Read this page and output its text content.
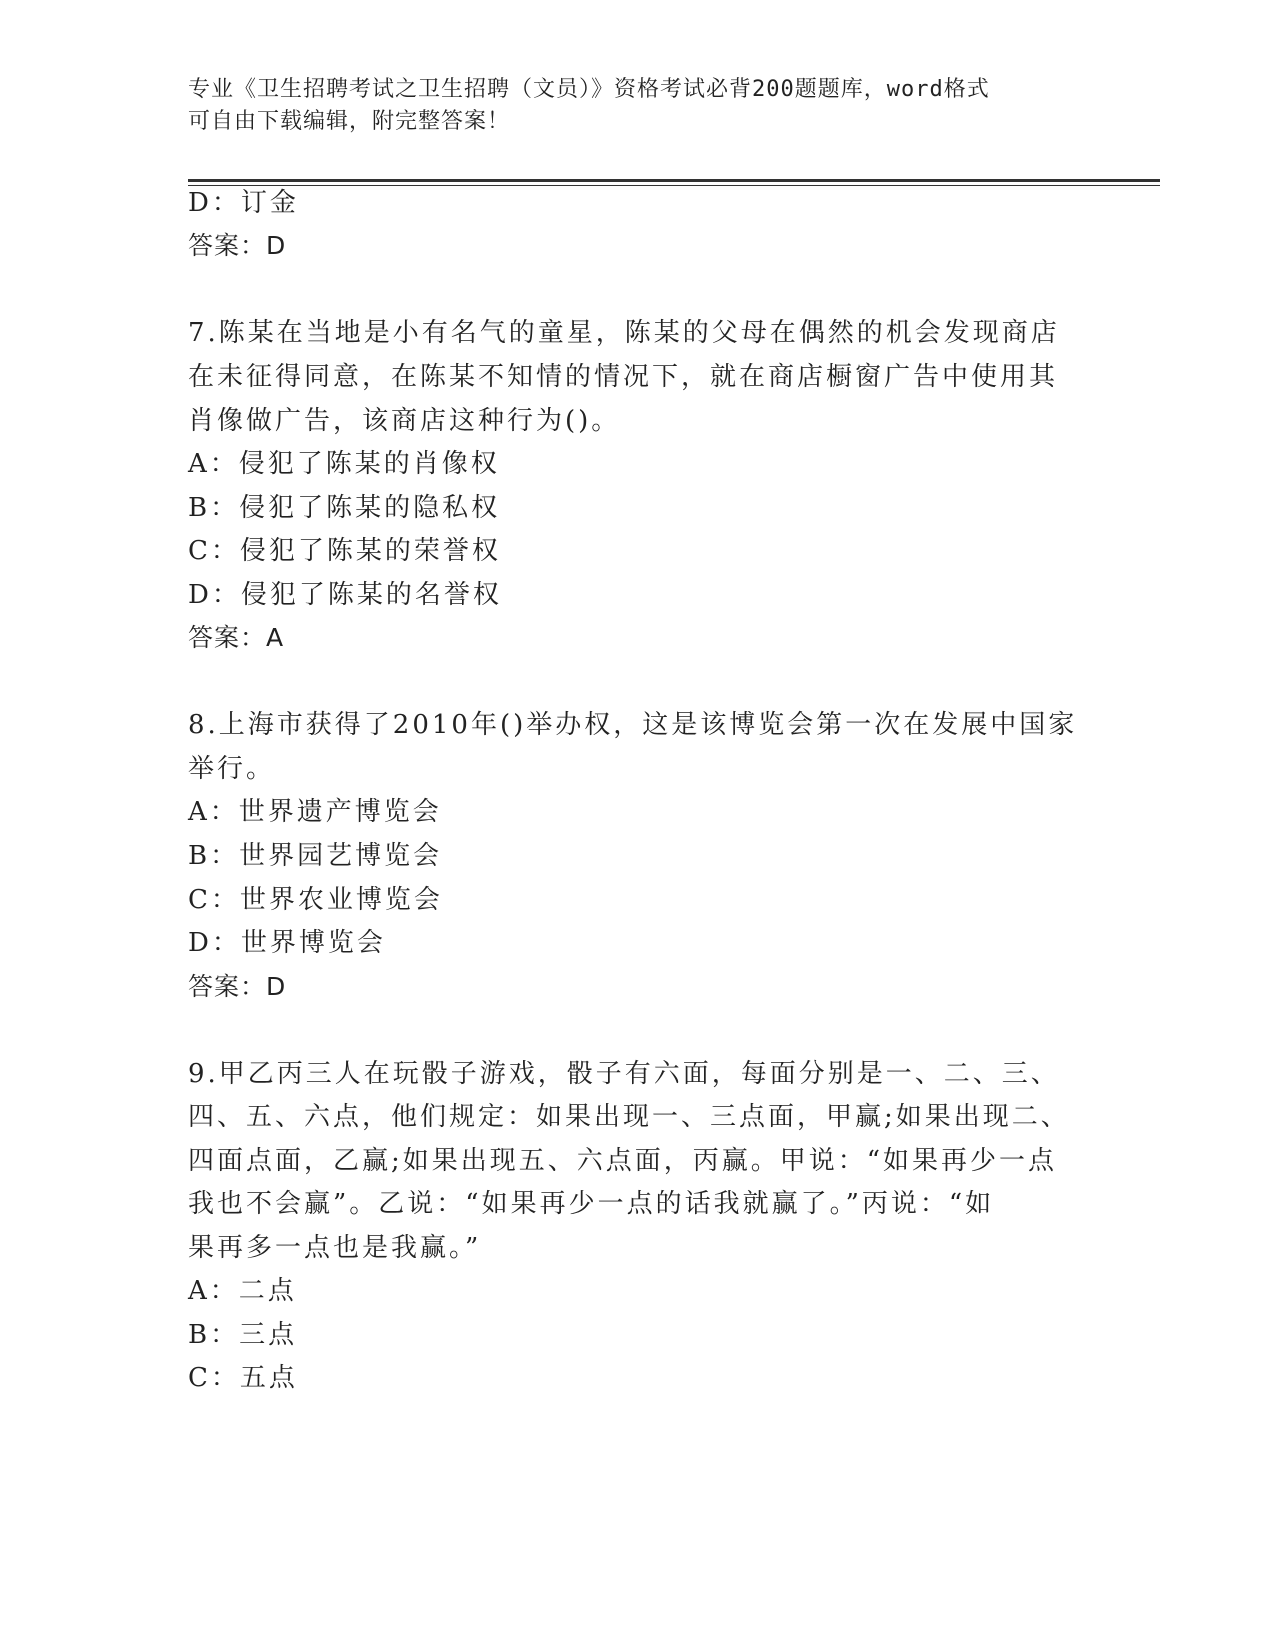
专业《卫生招聘考试之卫生招聘（文员）》资格考试必背200题题库，word格式
可自由下载编辑，附完整答案！
D：订金
答案：D
7.陈某在当地是小有名气的童星，陈某的父母在偶然的机会发现商店
在未征得同意，在陈某不知情的情况下，就在商店橱窗广告中使用其
肖像做广告，该商店这种行为()。
A：侵犯了陈某的肖像权
B：侵犯了陈某的隐私权
C：侵犯了陈某的荣誉权
D：侵犯了陈某的名誉权
答案：A
8.上海市获得了2010年()举办权，这是该博览会第一次在发展中国家
举行。
A：世界遗产博览会
B：世界园艺博览会
C：世界农业博览会
D：世界博览会
答案：D
9.甲乙丙三人在玩骰子游戏，骰子有六面，每面分别是一、二、三、
四、五、六点，他们规定：如果出现一、三点面，甲赢;如果出现二、
四面点面，乙赢;如果出现五、六点面，丙赢。甲说：“如果再少一点
我也不会赢”。乙说：“如果再少一点的话我就赢了。”丙说：“如
果再多一点也是我赢。”
A：二点
B：三点
C：五点
